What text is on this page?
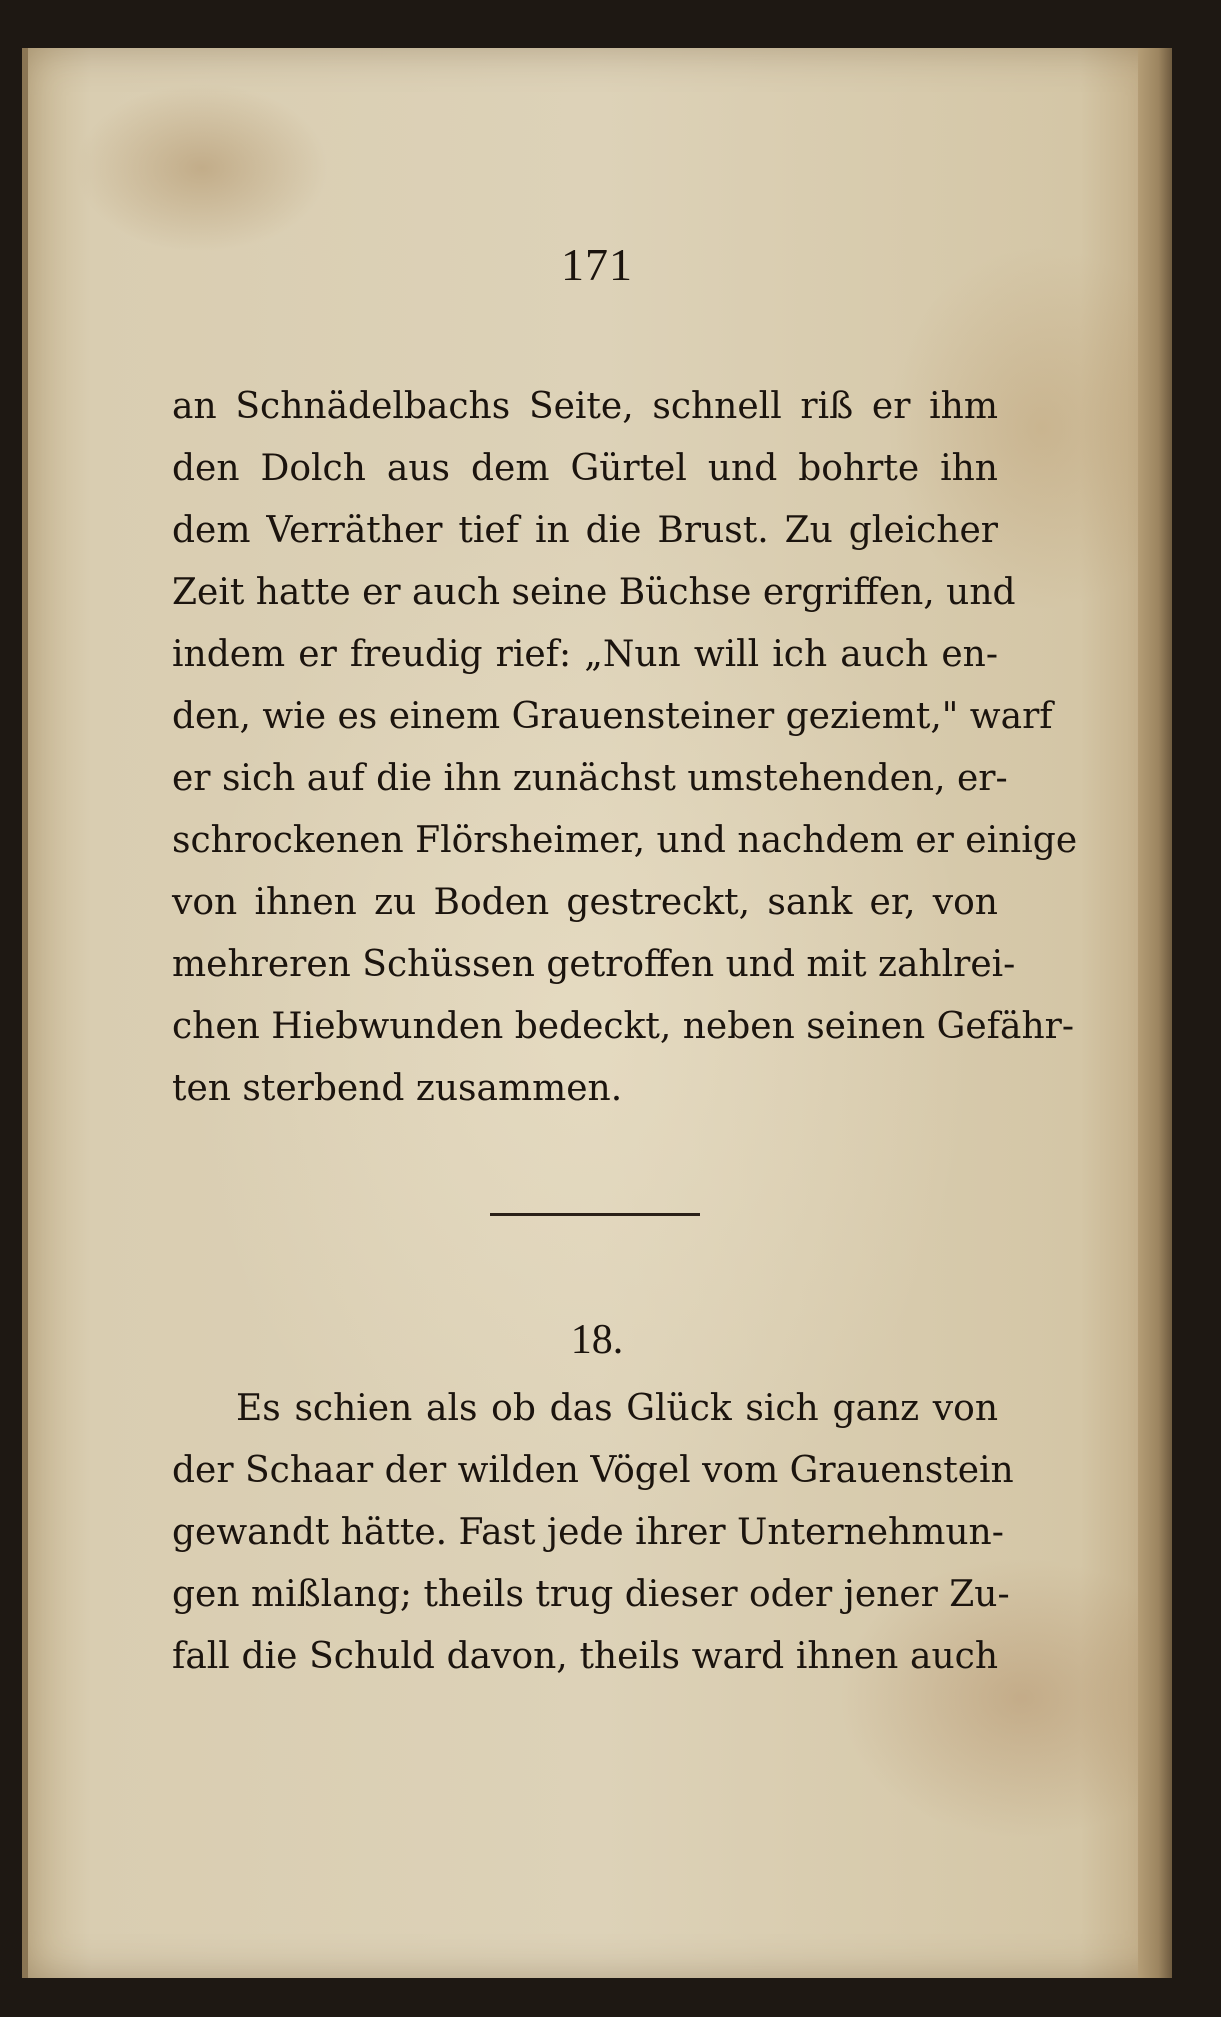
171
an Schnädelbachs Seite, schnell riß er ihm
den Dolch aus dem Gürtel und bohrte ihn
dem Verräther tief in die Brust. Zu gleicher
Zeit hatte er auch seine Büchse ergriffen, und
indem er freudig rief: „Nun will ich auch en-
den, wie es einem Grauensteiner geziemt," warf
er sich auf die ihn zunächst umstehenden, er-
schrockenen Flörsheimer, und nachdem er einige
von ihnen zu Boden gestreckt, sank er, von
mehreren Schüssen getroffen und mit zahlrei-
chen Hiebwunden bedeckt, neben seinen Gefähr-
ten sterbend zusammen.
18.
Es schien als ob das Glück sich ganz von
der Schaar der wilden Vögel vom Grauenstein
gewandt hätte. Fast jede ihrer Unternehmun-
gen mißlang; theils trug dieser oder jener Zu-
fall die Schuld davon, theils ward ihnen auch
